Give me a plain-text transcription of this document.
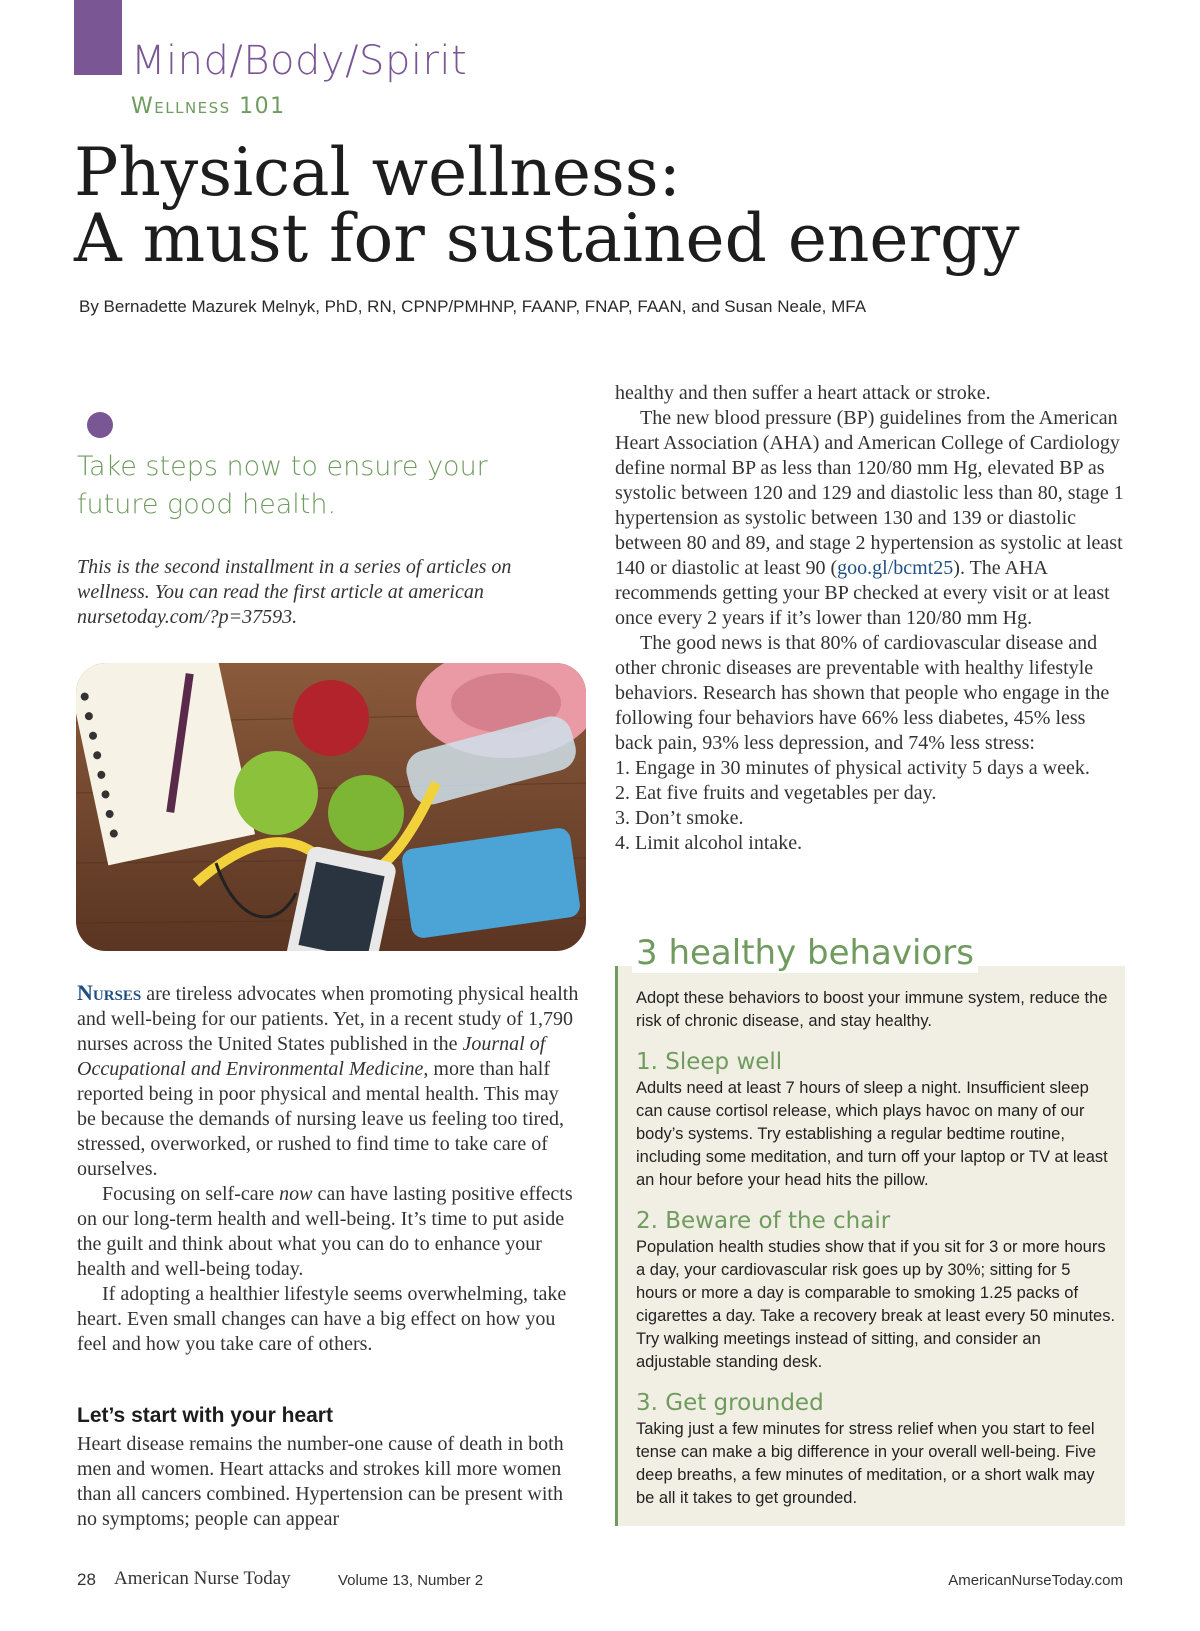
Mind/Body/Spirit
Wellness 101
Physical wellness:
A must for sustained energy
By Bernadette Mazurek Melnyk, PhD, RN, CPNP/PMHNP, FAANP, FNAP, FAAN, and Susan Neale, MFA
Take steps now to ensure your future good health.
This is the second installment in a series of articles on wellness. You can read the first article at american nursetoday.com/?p=37593.

Nurses are tireless advocates when promoting physical health and well-being for our patients. Yet, in a recent study of 1,790 nurses across the United States published in the Journal of Occupational and Environmental Medicine, more than half reported being in poor physical and mental health. This may be because the demands of nursing leave us feeling too tired, stressed, overworked, or rushed to find time to take care of ourselves.

Focusing on self-care now can have lasting positive effects on our long-term health and well-being. It’s time to put aside the guilt and think about what you can do to enhance your health and well-being today.

If adopting a healthier lifestyle seems overwhelming, take heart. Even small changes can have a big effect on how you feel and how you take care of others.

Let’s start with your heart

Heart disease remains the number-one cause of death in both men and women. Heart attacks and strokes kill more women than all cancers combined. Hypertension can be present with no symptoms; people can appear

healthy and then suffer a heart attack or stroke.

The new blood pressure (BP) guidelines from the American Heart Association (AHA) and American College of Cardiology define normal BP as less than 120/80 mm Hg, elevated BP as systolic between 120 and 129 and diastolic less than 80, stage 1 hypertension as systolic between 130 and 139 or diastolic between 80 and 89, and stage 2 hypertension as systolic at least 140 or diastolic at least 90 (goo.gl/bcmt25). The AHA recommends getting your BP checked at every visit or at least once every 2 years if it’s lower than 120/80 mm Hg.

The good news is that 80% of cardiovascular disease and other chronic diseases are preventable with healthy lifestyle behaviors. Research has shown that people who engage in the following four behaviors have 66% less diabetes, 45% less back pain, 93% less depression, and 74% less stress:

1. Engage in 30 minutes of physical activity 5 days a week.
2. Eat five fruits and vegetables per day.
3. Don’t smoke.
4. Limit alcohol intake.
3 healthy behaviors

Adopt these behaviors to boost your immune system, reduce the risk of chronic disease, and stay healthy.

1. Sleep well

Adults need at least 7 hours of sleep a night. Insufficient sleep can cause cortisol release, which plays havoc on many of our body’s systems. Try establishing a regular bedtime routine, including some meditation, and turn off your laptop or TV at least an hour before your head hits the pillow.

2. Beware of the chair

Population health studies show that if you sit for 3 or more hours a day, your cardiovascular risk goes up by 30%; sitting for 5 hours or more a day is comparable to smoking 1.25 packs of cigarettes a day. Take a recovery break at least every 50 minutes. Try walking meetings instead of sitting, and consider an adjustable standing desk.

3. Get grounded

Taking just a few minutes for stress relief when you start to feel tense can make a big difference in your overall well-being. Five deep breaths, a few minutes of meditation, or a short walk may be all it takes to get grounded.

28 American Nurse Today	Volume 13, Number 2	AmericanNurseToday.com
